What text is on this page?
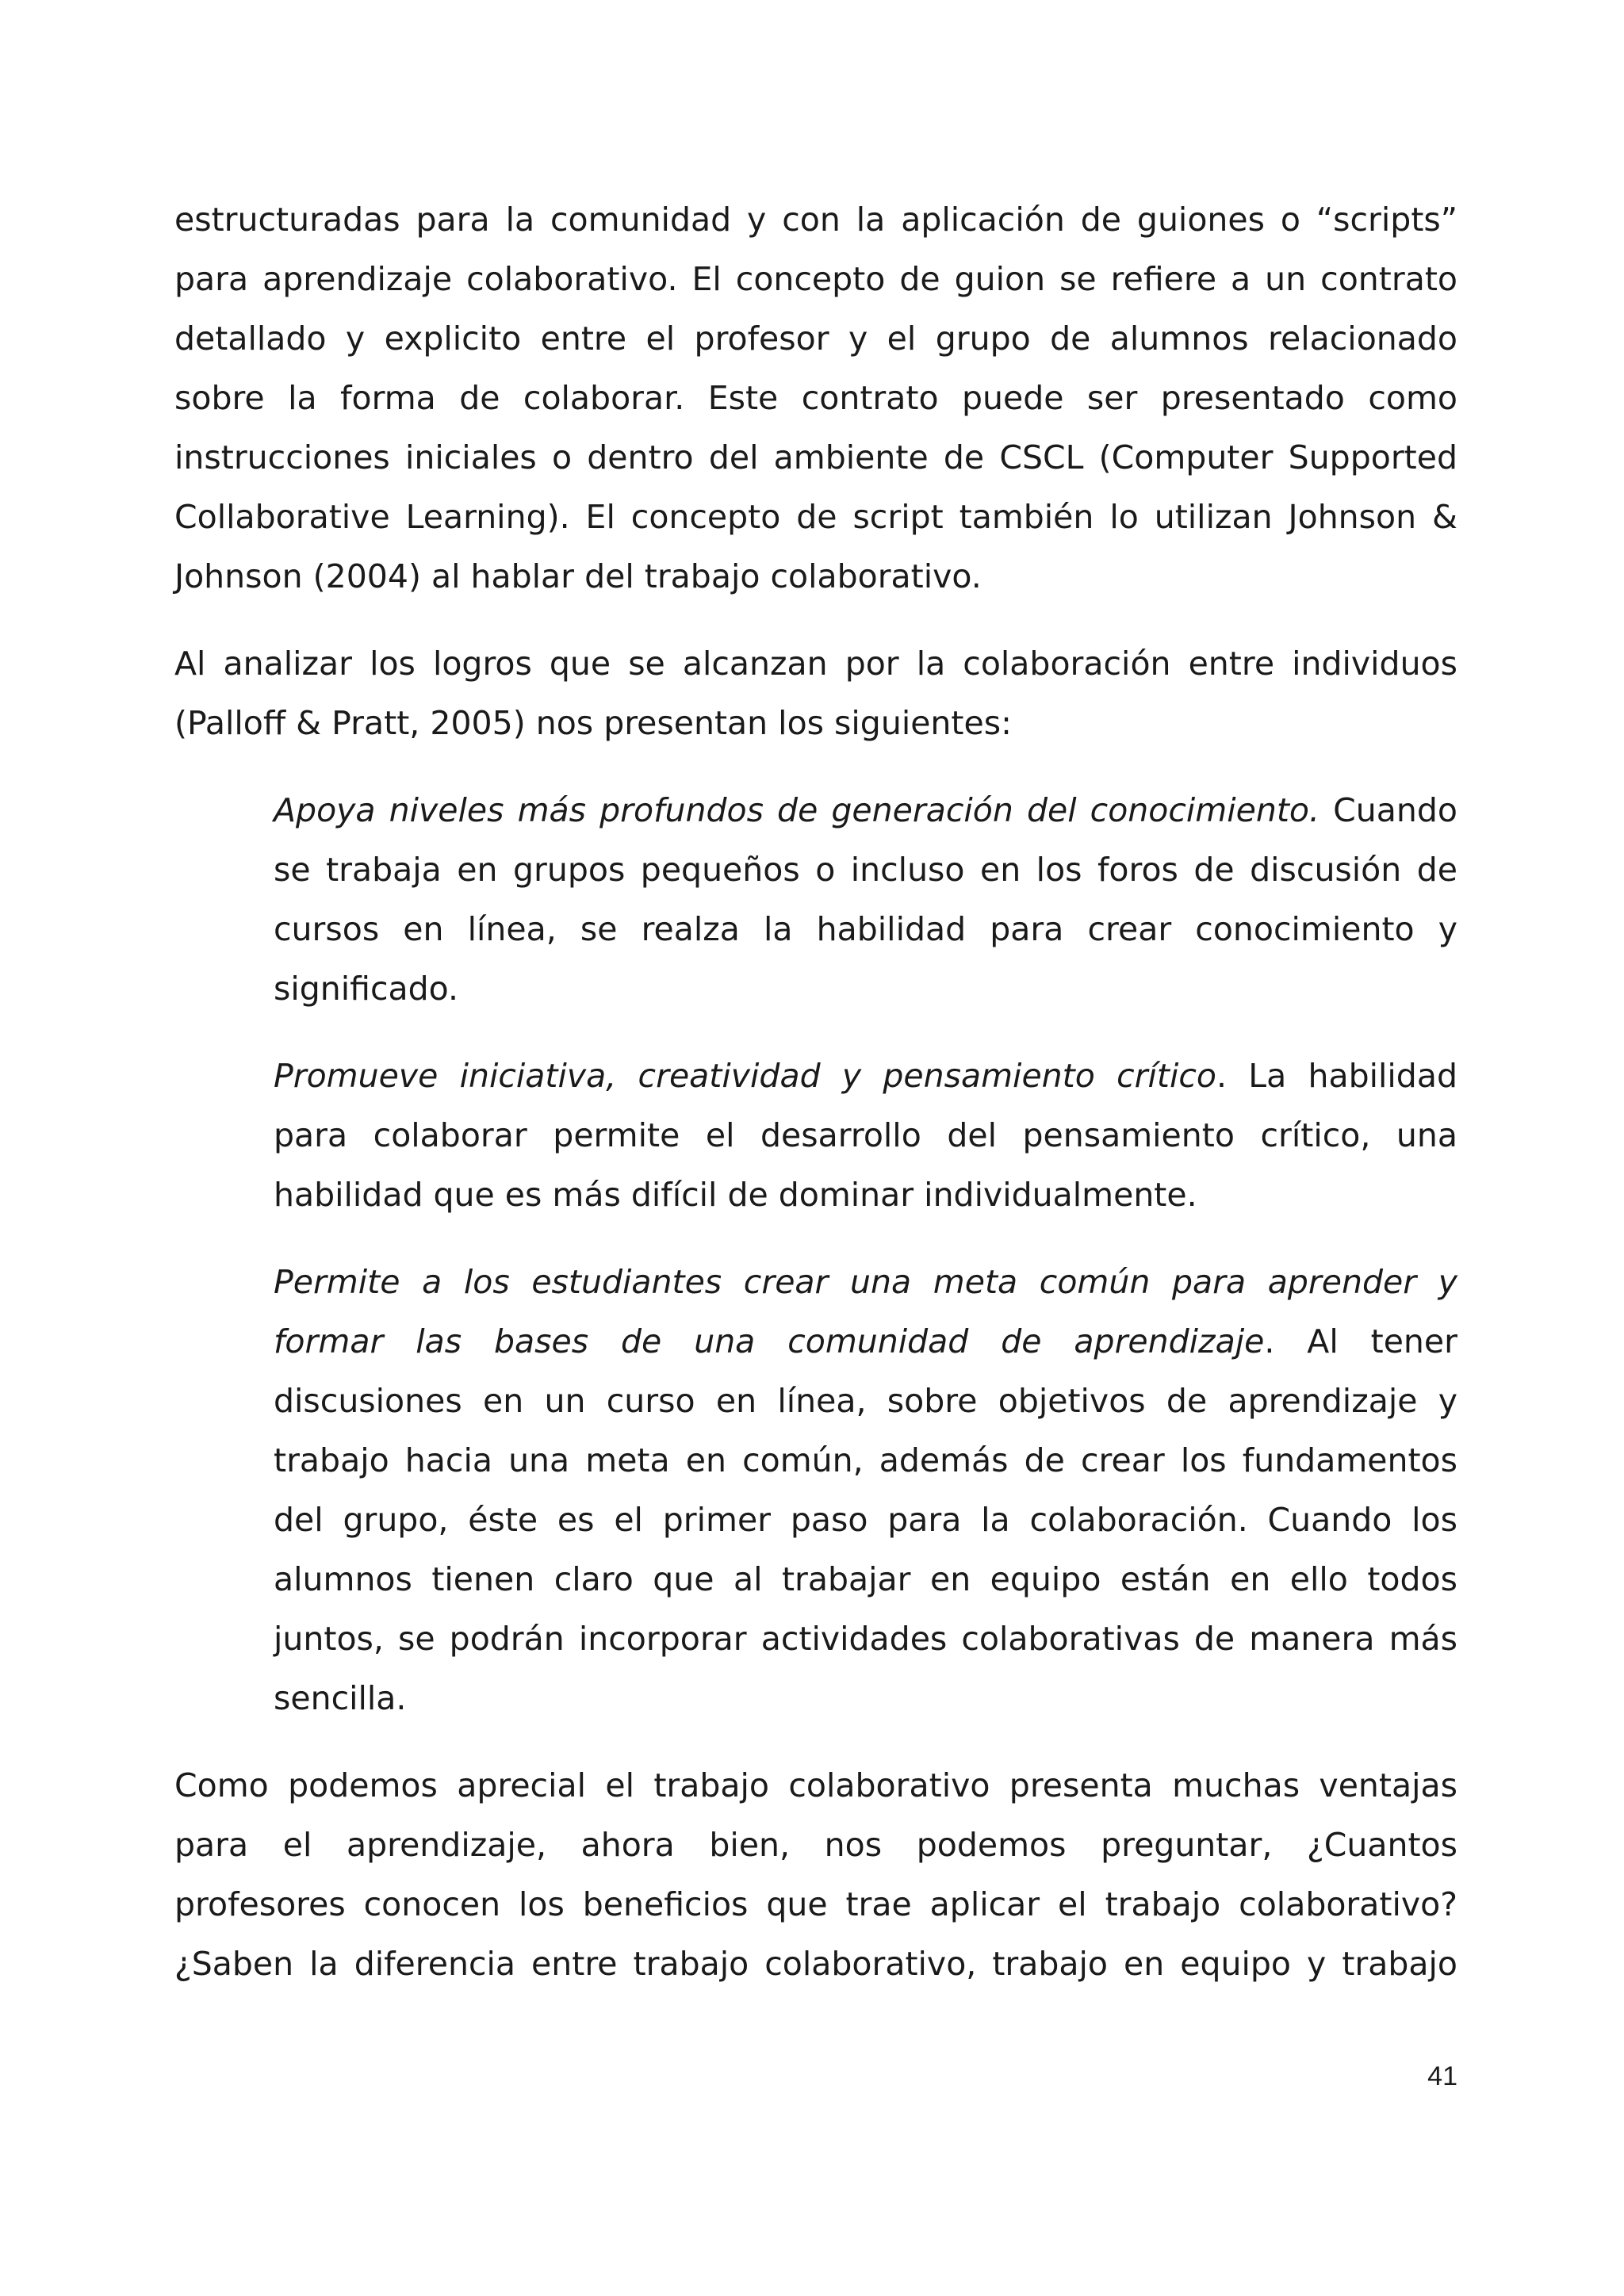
estructuradas para la comunidad y con la aplicación de guiones o “scripts”
para aprendizaje colaborativo. El concepto de guion se refiere a un contrato
detallado y explicito entre el profesor y el grupo de alumnos relacionado
sobre la forma de colaborar. Este contrato puede ser presentado como
instrucciones iniciales o dentro del ambiente de CSCL (Computer Supported
Collaborative Learning). El concepto de script también lo utilizan Johnson &
Johnson (2004) al hablar del trabajo colaborativo.
Al analizar los logros que se alcanzan por la colaboración entre individuos
(Palloff & Pratt, 2005) nos presentan los siguientes:
Apoya niveles más profundos de generación del conocimiento. Cuando
se trabaja en grupos pequeños o incluso en los foros de discusión de
cursos en línea, se realza la habilidad para crear conocimiento y
significado.
Promueve iniciativa, creatividad y pensamiento crítico. La habilidad
para colaborar permite el desarrollo del pensamiento crítico, una
habilidad que es más difícil de dominar individualmente.
Permite a los estudiantes crear una meta común para aprender y
formar las bases de una comunidad de aprendizaje. Al tener
discusiones en un curso en línea, sobre objetivos de aprendizaje y
trabajo hacia una meta en común, además de crear los fundamentos
del grupo, éste es el primer paso para la colaboración. Cuando los
alumnos tienen claro que al trabajar en equipo están en ello todos
juntos, se podrán incorporar actividades colaborativas de manera más
sencilla.
Como podemos aprecial el trabajo colaborativo presenta muchas ventajas
para el aprendizaje, ahora bien, nos podemos preguntar, ¿Cuantos
profesores conocen los beneficios que trae aplicar el trabajo colaborativo?
¿Saben la diferencia entre trabajo colaborativo, trabajo en equipo y trabajo
41
